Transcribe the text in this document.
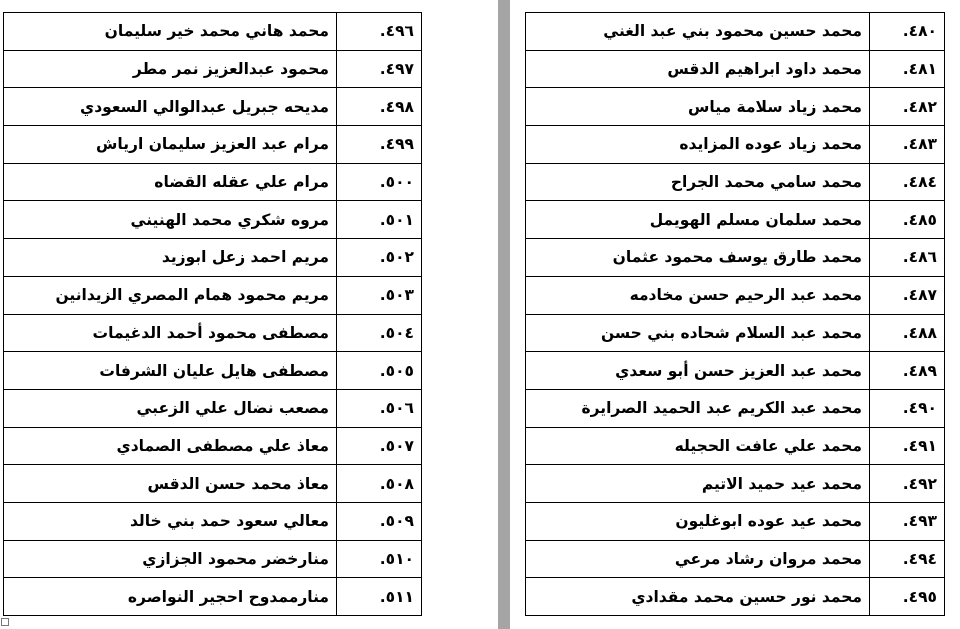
محمد هاني محمد خير سليمان	٤٩٦.
محمود عبدالعزيز نمر مطر	٤٩٧.
مديحه جبريل عبدالوالي السعودي	٤٩٨.
مرام عبد العزيز سليمان ارياش	٤٩٩.
مرام علي عقله القضاه	٥٠٠.
مروه شكري محمد الهنيني	٥٠١.
مريم احمد زعل ابوزيد	٥٠٢.
مريم محمود همام المصري الزيدانين	٥٠٣.
مصطفى محمود أحمد الدغيمات	٥٠٤.
مصطفى هايل عليان الشرفات	٥٠٥.
مصعب نضال علي الزعبي	٥٠٦.
معاذ علي مصطفى الصمادي	٥٠٧.
معاذ محمد حسن الدقس	٥٠٨.
معالي سعود حمد بني خالد	٥٠٩.
منارخضر محمود الجزازي	٥١٠.
منارممدوح احجير النواصره	٥١١.
محمد حسين محمود بني عبد الغني	٤٨٠.
محمد داود ابراهيم الدقس	٤٨١.
محمد زياد سلامة مياس	٤٨٢.
محمد زياد عوده المزايده	٤٨٣.
محمد سامي محمد الجراح	٤٨٤.
محمد سلمان مسلم الهويمل	٤٨٥.
محمد طارق يوسف محمود عثمان	٤٨٦.
محمد عبد الرحيم حسن مخادمه	٤٨٧.
محمد عبد السلام شحاده بني حسن	٤٨٨.
محمد عبد العزيز حسن أبو سعدي	٤٨٩.
محمد عبد الكريم عبد الحميد الصرايرة	٤٩٠.
محمد علي عافت الحجيله	٤٩١.
محمد عيد حميد الاتيم	٤٩٢.
محمد عيد عوده ابوغليون	٤٩٣.
محمد مروان رشاد مرعي	٤٩٤.
محمد نور حسين محمد مقدادي	٤٩٥.
